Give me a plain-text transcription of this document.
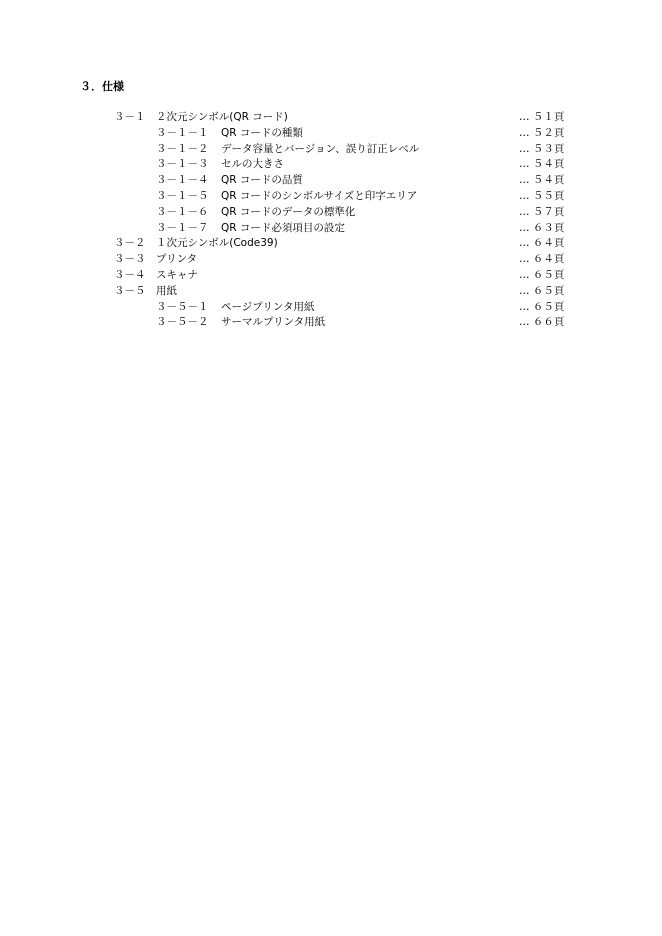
３．仕様
３－１ ２次元シンボル(QR コード)	… ５１頁
３－１－１ QR コードの種類	… ５２頁
３－１－２ データ容量とバージョン、誤り訂正レベル	… ５３頁
３－１－３ セルの大きさ	… ５４頁
３－１－４ QR コードの品質	… ５４頁
３－１－５ QR コードのシンボルサイズと印字エリア	… ５５頁
３－１－６ QR コードのデータの標準化	… ５７頁
３－１－７ QR コード必須項目の設定	… ６３頁
３－２ １次元シンボル(Code39)	… ６４頁
３－３ プリンタ	… ６４頁
３－４ スキャナ	… ６５頁
３－５ 用紙	… ６５頁
３－５－１ ページプリンタ用紙	… ６５頁
３－５－２ サーマルプリンタ用紙	… ６６頁
